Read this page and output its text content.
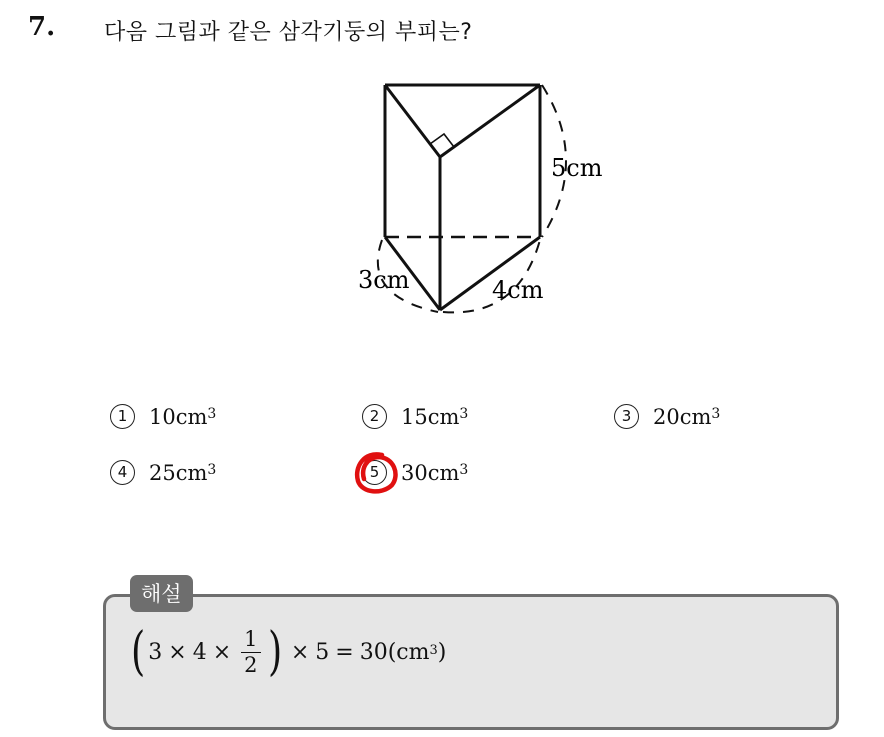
7. 다음 그림과 같은 삼각기둥의 부피는?
5cm
3cm	4cm
1	$10cm^3$	2	$15cm^3$	3	$20cm^3$
4	$25cm^3$	5	$30cm^3$
해설
( $3 \times 4 \times \frac{1}{2}$ ) × $5 = 30(cm^3$ )
